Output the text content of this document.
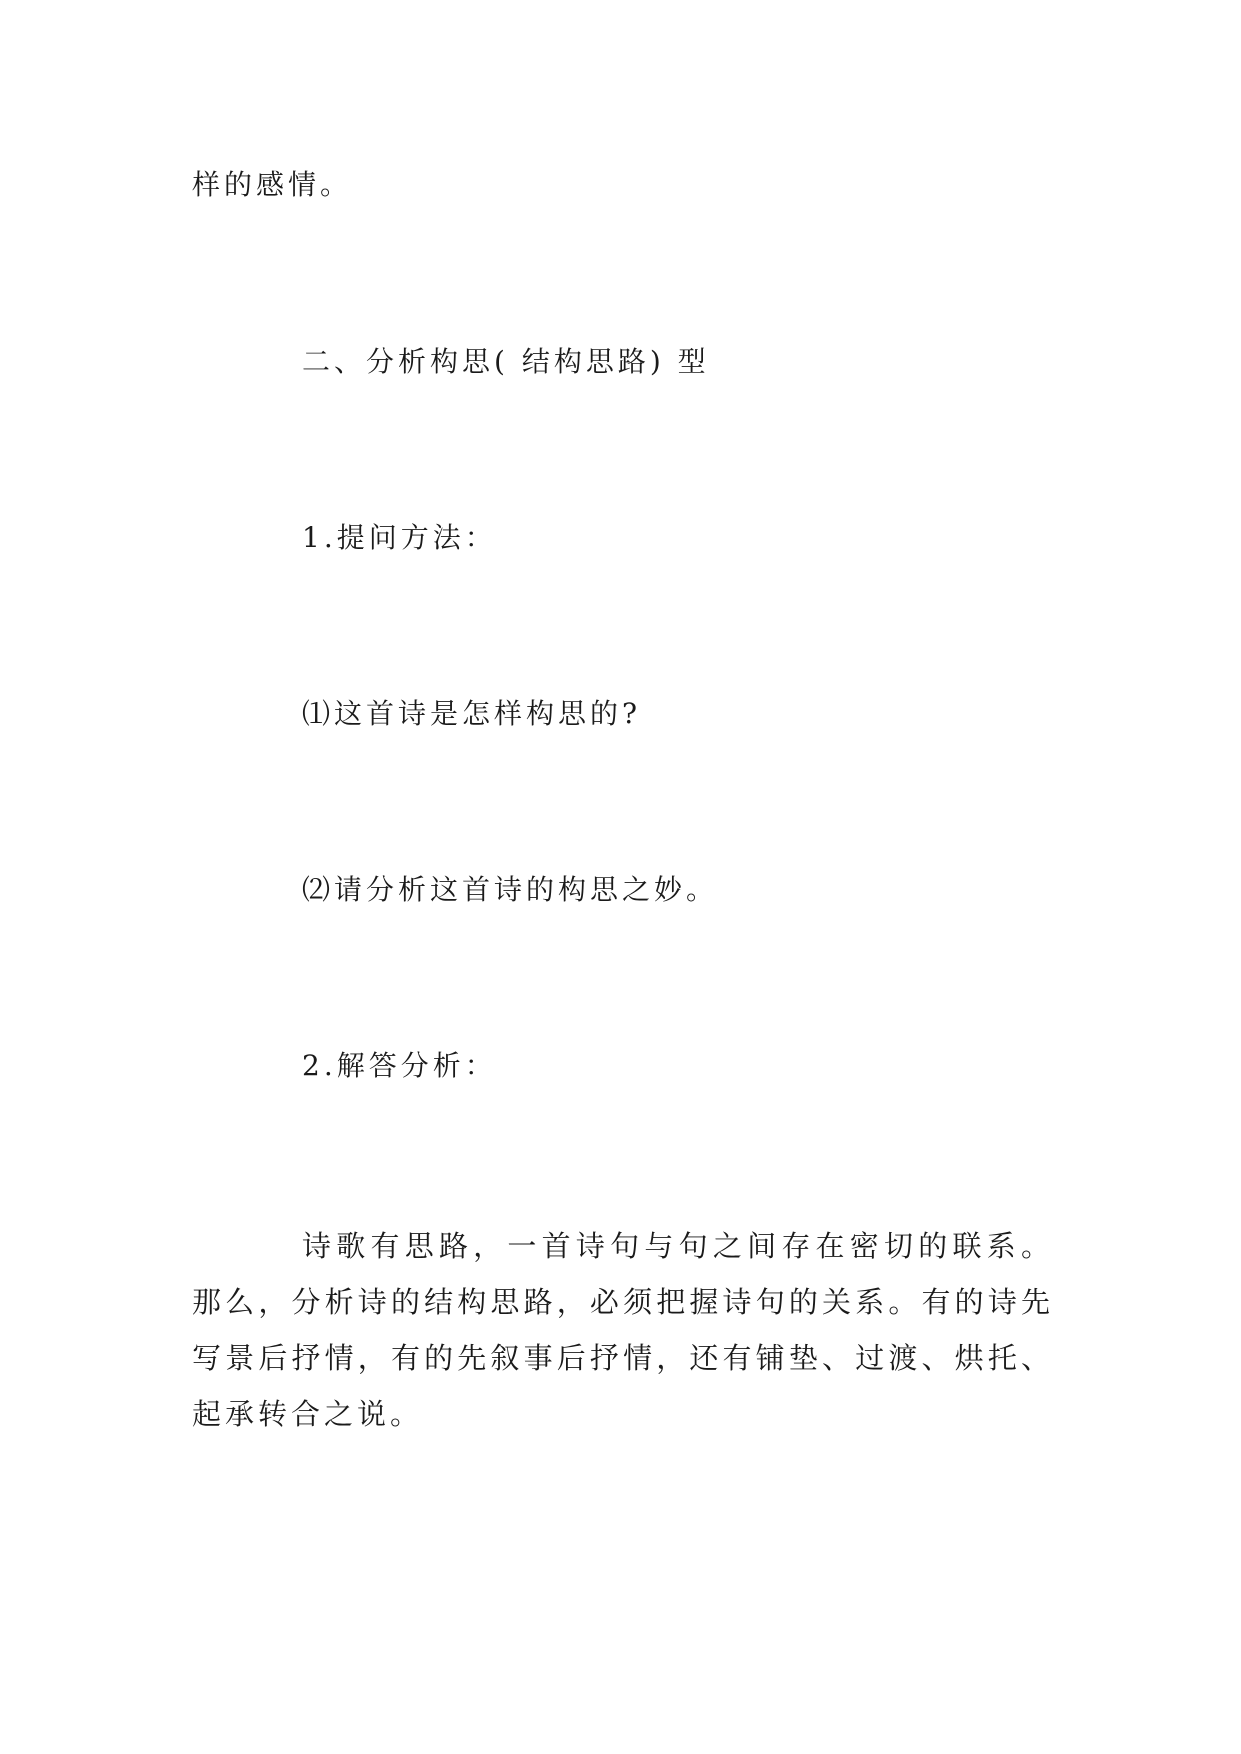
样的感情。

二、分析构思( 结构思路) 型

1.提问方法：

⑴这首诗是怎样构思的?

⑵请分析这首诗的构思之妙。

2.解答分析：

诗歌有思路，一首诗句与句之间存在密切的联系。那么，分析诗的结构思路，必须把握诗句的关系。有的诗先写景后抒情，有的先叙事后抒情，还有铺垫、过渡、烘托、起承转合之说。
